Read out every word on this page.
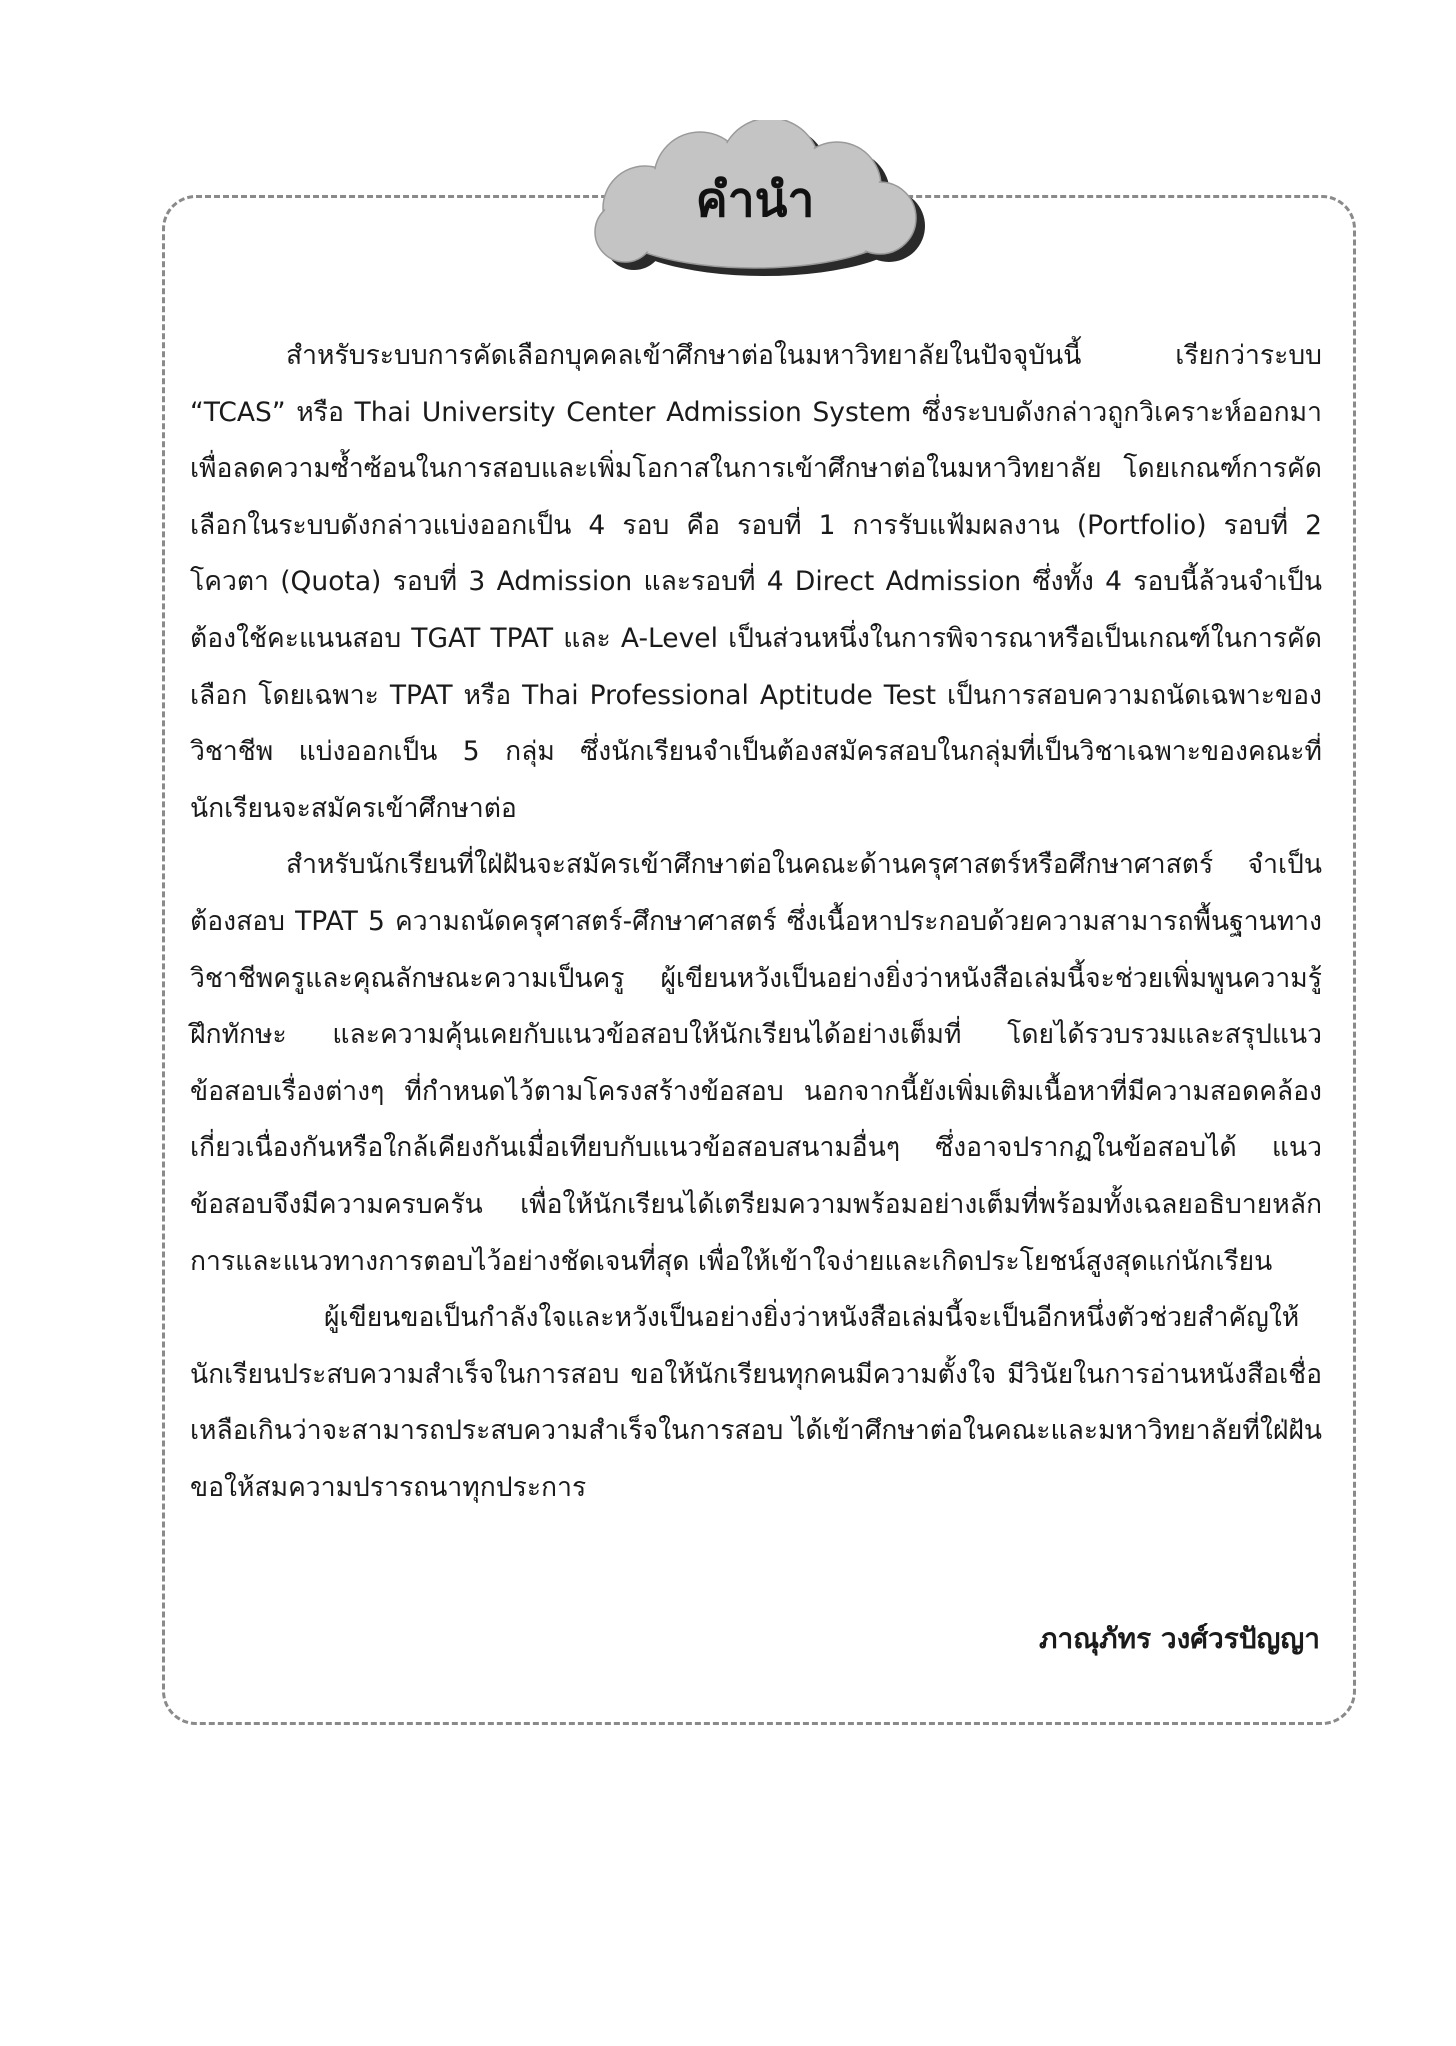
คำนำ

สำหรับระบบการคัดเลือกบุคคลเข้าศึกษาต่อในมหาวิทยาลัยในปัจจุบันนี้ เรียกว่าระบบ “TCAS” หรือ Thai University Center Admission System ซึ่งระบบดังกล่าวถูกวิเคราะห์ออกมาเพื่อลดความซ้ำซ้อนในการสอบและเพิ่มโอกาสในการเข้าศึกษาต่อในมหาวิทยาลัย โดยเกณฑ์การคัดเลือกในระบบดังกล่าวแบ่งออกเป็น 4 รอบ คือ รอบที่ 1 การรับแฟ้มผลงาน (Portfolio) รอบที่ 2 โควตา (Quota) รอบที่ 3 Admission และรอบที่ 4 Direct Admission ซึ่งทั้ง 4 รอบนี้ล้วนจำเป็นต้องใช้คะแนนสอบ TGAT TPAT และ A-Level เป็นส่วนหนึ่งในการพิจารณาหรือเป็นเกณฑ์ในการคัดเลือก โดยเฉพาะ TPAT หรือ Thai Professional Aptitude Test เป็นการสอบความถนัดเฉพาะของวิชาชีพ แบ่งออกเป็น 5 กลุ่ม ซึ่งนักเรียนจำเป็นต้องสมัครสอบในกลุ่มที่เป็นวิชาเฉพาะของคณะที่นักเรียนจะสมัครเข้าศึกษาต่อ

สำหรับนักเรียนที่ใฝ่ฝันจะสมัครเข้าศึกษาต่อในคณะด้านครุศาสตร์หรือศึกษาศาสตร์ จำเป็นต้องสอบ TPAT 5 ความถนัดครุศาสตร์-ศึกษาศาสตร์ ซึ่งเนื้อหาประกอบด้วยความสามารถพื้นฐานทางวิชาชีพครูและคุณลักษณะความเป็นครู ผู้เขียนหวังเป็นอย่างยิ่งว่าหนังสือเล่มนี้จะช่วยเพิ่มพูนความรู้ ฝึกทักษะ และความคุ้นเคยกับแนวข้อสอบให้นักเรียนได้อย่างเต็มที่ โดยได้รวบรวมและสรุปแนวข้อสอบเรื่องต่างๆ ที่กำหนดไว้ตามโครงสร้างข้อสอบ นอกจากนี้ยังเพิ่มเติมเนื้อหาที่มีความสอดคล้องเกี่ยวเนื่องกันหรือใกล้เคียงกันเมื่อเทียบกับแนวข้อสอบสนามอื่นๆ ซึ่งอาจปรากฏในข้อสอบได้ แนวข้อสอบจึงมีความครบครัน เพื่อให้นักเรียนได้เตรียมความพร้อมอย่างเต็มที่พร้อมทั้งเฉลยอธิบายหลักการและแนวทางการตอบไว้อย่างชัดเจนที่สุด เพื่อให้เข้าใจง่ายและเกิดประโยชน์สูงสุดแก่นักเรียน

ผู้เขียนขอเป็นกำลังใจและหวังเป็นอย่างยิ่งว่าหนังสือเล่มนี้จะเป็นอีกหนึ่งตัวช่วยสำคัญให้นักเรียนประสบความสำเร็จในการสอบ ขอให้นักเรียนทุกคนมีความตั้งใจ มีวินัยในการอ่านหนังสือเชื่อเหลือเกินว่าจะสามารถประสบความสำเร็จในการสอบ ได้เข้าศึกษาต่อในคณะและมหาวิทยาลัยที่ใฝ่ฝัน ขอให้สมความปรารถนาทุกประการ

ภาณุภัทร วงศ์วรปัญญา
